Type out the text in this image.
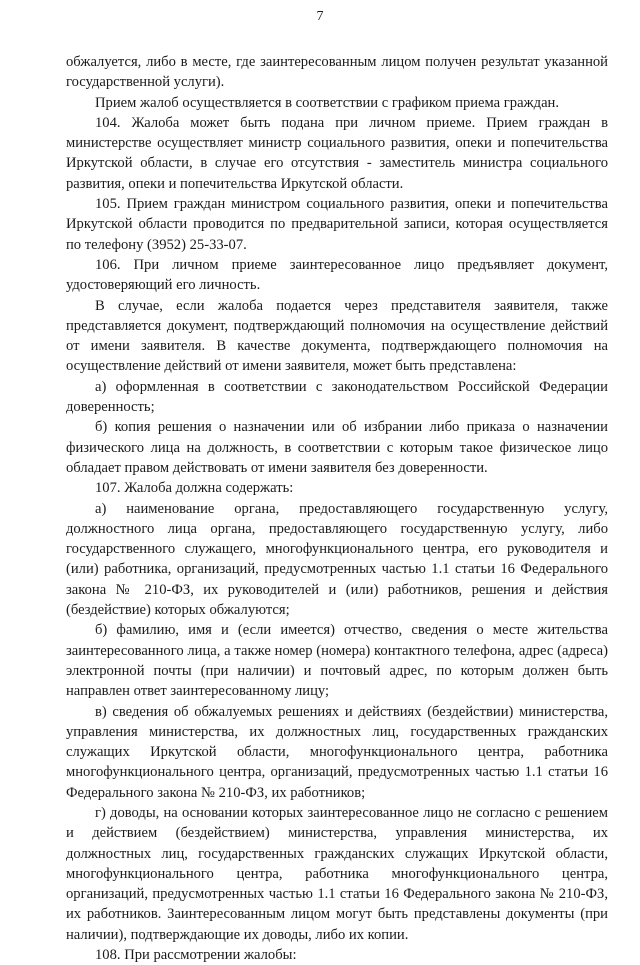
7

обжалуется, либо в месте, где заинтересованным лицом получен результат указанной государственной услуги).

Прием жалоб осуществляется в соответствии с графиком приема граждан.

104. Жалоба может быть подана при личном приеме. Прием граждан в министерстве осуществляет министр социального развития, опеки и попечительства Иркутской области, в случае его отсутствия - заместитель министра социального развития, опеки и попечительства Иркутской области.

105. Прием граждан министром социального развития, опеки и попечительства Иркутской области проводится по предварительной записи, которая осуществляется по телефону (3952) 25-33-07.

106. При личном приеме заинтересованное лицо предъявляет документ, удостоверяющий его личность.

В случае, если жалоба подается через представителя заявителя, также представляется документ, подтверждающий полномочия на осуществление действий от имени заявителя. В качестве документа, подтверждающего полномочия на осуществление действий от имени заявителя, может быть представлена:

а) оформленная в соответствии с законодательством Российской Федерации доверенность;

б) копия решения о назначении или об избрании либо приказа о назначении физического лица на должность, в соответствии с которым такое физическое лицо обладает правом действовать от имени заявителя без доверенности.

107. Жалоба должна содержать:

а) наименование органа, предоставляющего государственную услугу, должностного лица органа, предоставляющего государственную услугу, либо государственного служащего, многофункционального центра, его руководителя и (или) работника, организаций, предусмотренных частью 1.1 статьи 16 Федерального закона № 210-ФЗ, их руководителей и (или) работников, решения и действия (бездействие) которых обжалуются;

б) фамилию, имя и (если имеется) отчество, сведения о месте жительства заинтересованного лица, а также номер (номера) контактного телефона, адрес (адреса) электронной почты (при наличии) и почтовый адрес, по которым должен быть направлен ответ заинтересованному лицу;

в) сведения об обжалуемых решениях и действиях (бездействии) министерства, управления министерства, их должностных лиц, государственных гражданских служащих Иркутской области, многофункционального центра, работника многофункционального центра, организаций, предусмотренных частью 1.1 статьи 16 Федерального закона № 210-ФЗ, их работников;

г) доводы, на основании которых заинтересованное лицо не согласно с решением и действием (бездействием) министерства, управления министерства, их должностных лиц, государственных гражданских служащих Иркутской области, многофункционального центра, работника многофункционального центра, организаций, предусмотренных частью 1.1 статьи 16 Федерального закона № 210-ФЗ, их работников. Заинтересованным лицом могут быть представлены документы (при наличии), подтверждающие их доводы, либо их копии.

108. При рассмотрении жалобы:
